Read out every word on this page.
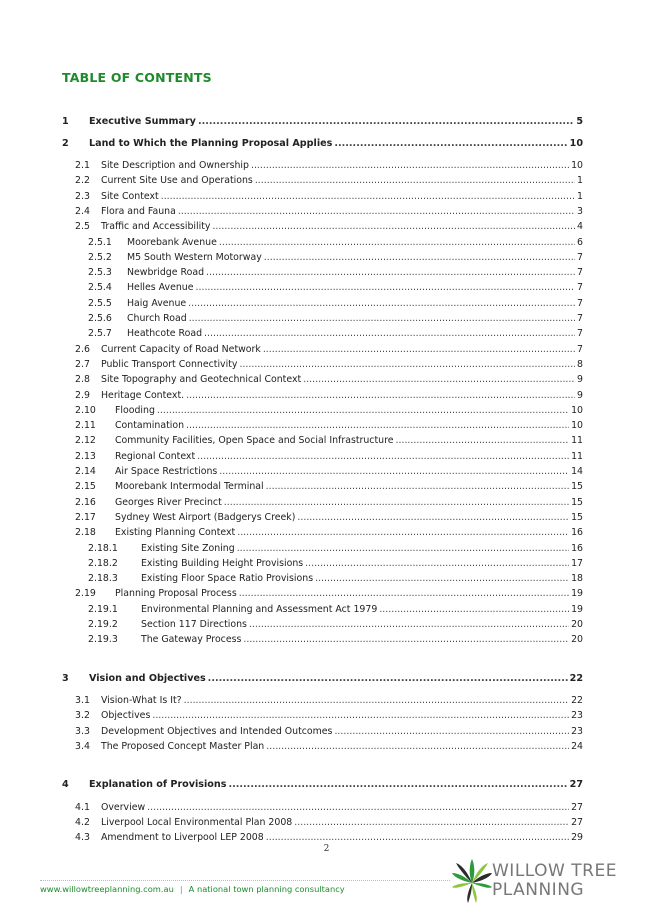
TABLE OF CONTENTS
1	Executive Summary .....	5
2	Land to Which the Planning Proposal Applies .....	10
2.1	Site Description and Ownership .....	10
2.2	Current Site Use and Operations .....	1
2.3	Site Context .....	1
2.4	Flora and Fauna .....	3
2.5	Traffic and Accessibility .....	4
2.5.1	Moorebank Avenue .....	6
2.5.2	M5 South Western Motorway .....	7
2.5.3	Newbridge Road .....	7
2.5.4	Helles Avenue .....	7
2.5.5	Haig Avenue .....	7
2.5.6	Church Road .....	7
2.5.7	Heathcote Road .....	7
2.6	Current Capacity of Road Network .....	7
2.7	Public Transport Connectivity .....	8
2.8	Site Topography and Geotechnical Context .....	9
2.9	Heritage Context. .....	9
2.10	Flooding .....	10
2.11	Contamination .....	10
2.12	Community Facilities, Open Space and Social Infrastructure .....	11
2.13	Regional Context .....	11
2.14	Air Space Restrictions .....	14
2.15	Moorebank Intermodal Terminal .....	15
2.16	Georges River Precinct .....	15
2.17	Sydney West Airport (Badgerys Creek) .....	15
2.18	Existing Planning Context .....	16
2.18.1	Existing Site Zoning .....	16
2.18.2	Existing Building Height Provisions .....	17
2.18.3	Existing Floor Space Ratio Provisions .....	18
2.19	Planning Proposal Process .....	19
2.19.1	Environmental Planning and Assessment Act 1979 .....	19
2.19.2	Section 117 Directions .....	20
2.19.3	The Gateway Process .....	20
3	Vision and Objectives .....	22
3.1	Vision-What Is It? .....	22
3.2	Objectives .....	23
3.3	Development Objectives and Intended Outcomes .....	23
3.4	The Proposed Concept Master Plan .....	24
4	Explanation of Provisions .....	27
4.1	Overview .....	27
4.2	Liverpool Local Environmental Plan 2008 .....	27
4.3	Amendment to Liverpool LEP 2008 .....	29
2
www.willowtreeplanning.com.au | A national town planning consultancy
WILLOW TREE
PLANNING
